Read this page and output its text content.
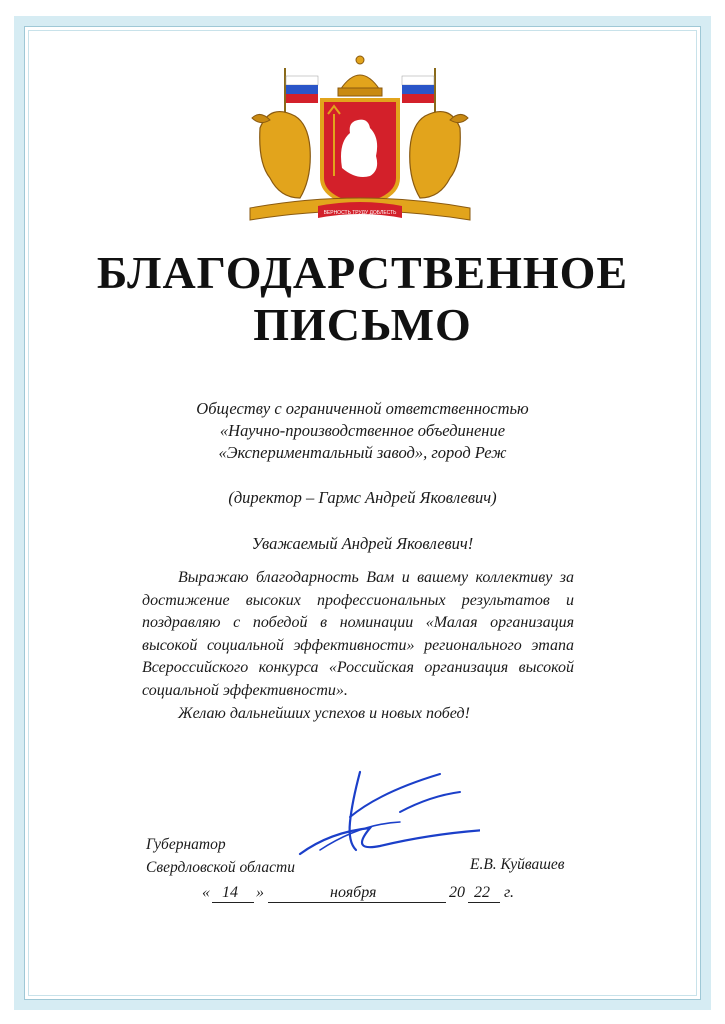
ВЕРНОСТЬ ТРУДУ ДОБЛЕСТЬ
БЛАГОДАРСТВЕННОЕ
ПИСЬМО
Обществу с ограниченной ответственностью
«Научно-производственное объединение
«Экспериментальный завод», город Реж
(директор – Гармс Андрей Яковлевич)
Уважаемый Андрей Яковлевич!

Выражаю благодарность Вам и вашему коллективу за достижение высоких профессиональных результатов и поздравляю с победой в номинации «Малая организация высокой социальной эффективности» регионального этапа Всероссийского конкурса «Российская организация высокой социальной эффективности».

Желаю дальнейших успехов и новых побед!

Губернатор
Свердловской области	Е.В. Куйвашев
« 14 »	ноября	20 22 г.
